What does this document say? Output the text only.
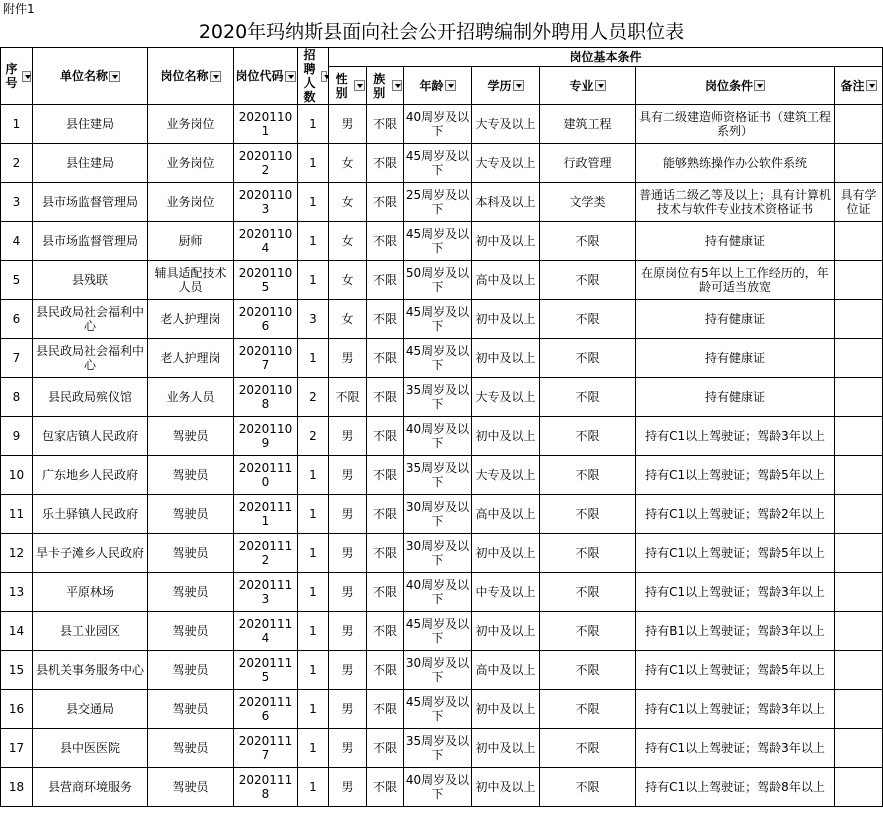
附件1
2020年玛纳斯县面向社会公开招聘编制外聘用人员职位表
序号	单位名称	岗位名称	岗位代码	招聘人数	岗位基本条件						

					性别	族别	年龄	学历	专业	岗位条件	备注

1	县住建局	业务岗位	20201101	1	男	不限	40周岁及以下	大专及以上	建筑工程	具有二级建造师资格证书（建筑工程系列）	
2	县住建局	业务岗位	20201102	1	女	不限	45周岁及以下	大专及以上	行政管理	能够熟练操作办公软件系统	
3	县市场监督管理局	业务岗位	20201103	1	女	不限	25周岁及以下	本科及以上	文学类	普通话二级乙等及以上；具有计算机技术与软件专业技术资格证书	具有学位证
4	县市场监督管理局	厨师	20201104	1	女	不限	45周岁及以下	初中及以上	不限	持有健康证	
5	县残联	辅具适配技术人员	20201105	1	女	不限	50周岁及以下	高中及以上	不限	在原岗位有5年以上工作经历的，年龄可适当放宽	
6	县民政局社会福利中心	老人护理岗	20201106	3	女	不限	45周岁及以下	初中及以上	不限	持有健康证	
7	县民政局社会福利中心	老人护理岗	20201107	1	男	不限	45周岁及以下	初中及以上	不限	持有健康证	
8	县民政局殡仪馆	业务人员	20201108	2	不限	不限	35周岁及以下	大专及以上	不限	持有健康证	
9	包家店镇人民政府	驾驶员	20201109	2	男	不限	40周岁及以下	初中及以上	不限	持有C1以上驾驶证；驾龄3年以上	
10	广东地乡人民政府	驾驶员	20201110	1	男	不限	35周岁及以下	大专及以上	不限	持有C1以上驾驶证；驾龄5年以上	
11	乐土驿镇人民政府	驾驶员	20201111	1	男	不限	30周岁及以下	高中及以上	不限	持有C1以上驾驶证；驾龄2年以上	
12	旱卡子滩乡人民政府	驾驶员	20201112	1	男	不限	30周岁及以下	初中及以上	不限	持有C1以上驾驶证；驾龄5年以上	
13	平原林场	驾驶员	20201113	1	男	不限	40周岁及以下	中专及以上	不限	持有C1以上驾驶证；驾龄3年以上	
14	县工业园区	驾驶员	20201114	1	男	不限	45周岁及以下	初中及以上	不限	持有B1以上驾驶证；驾龄3年以上	
15	县机关事务服务中心	驾驶员	20201115	1	男	不限	30周岁及以下	高中及以上	不限	持有C1以上驾驶证；驾龄5年以上	
16	县交通局	驾驶员	20201116	1	男	不限	45周岁及以下	初中及以上	不限	持有C1以上驾驶证；驾龄3年以上	
17	县中医医院	驾驶员	20201117	1	男	不限	35周岁及以下	初中及以上	不限	持有C1以上驾驶证；驾龄3年以上	
18	县营商环境服务	驾驶员	20201118	1	男	不限	40周岁及以下	初中及以上	不限	持有C1以上驾驶证；驾龄8年以上	
